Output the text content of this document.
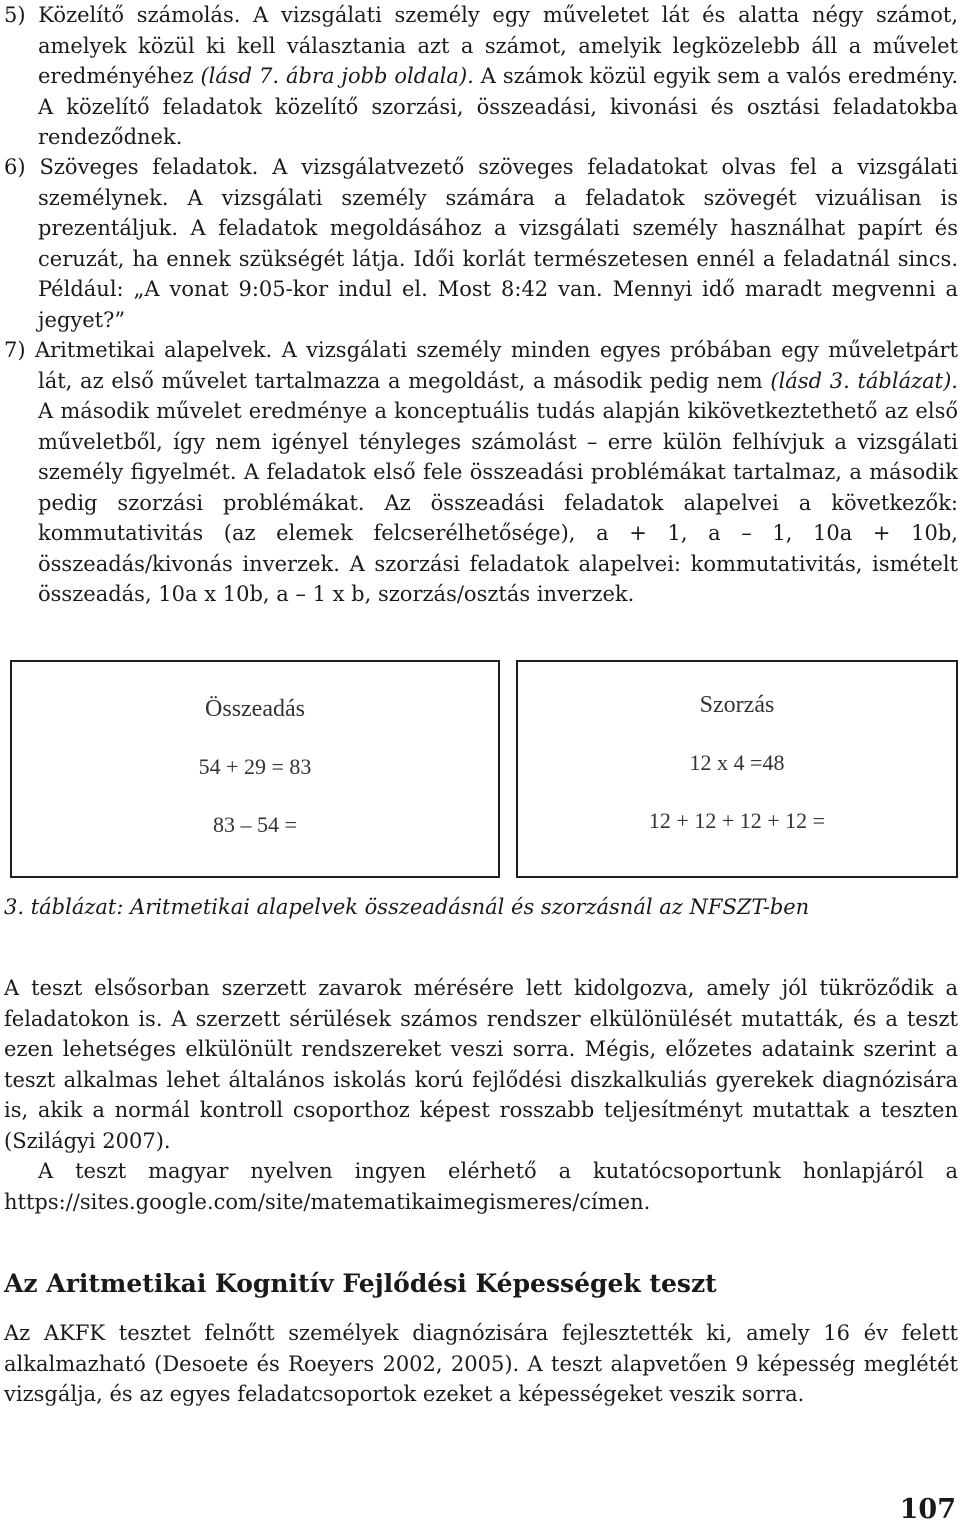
5) Közelítő számolás. A vizsgálati személy egy műveletet lát és alatta négy számot, amelyek közül ki kell választania azt a számot, amelyik legközelebb áll a művelet eredményéhez (lásd 7. ábra jobb oldala). A számok közül egyik sem a valós eredmény. A közelítő feladatok közelítő szorzási, összeadási, kivonási és osztási feladatokba rendeződnek.

6) Szöveges feladatok. A vizsgálatvezető szöveges feladatokat olvas fel a vizsgálati személynek. A vizsgálati személy számára a feladatok szövegét vizuálisan is prezentáljuk. A feladatok megoldásához a vizsgálati személy használhat papírt és ceruzát, ha ennek szükségét látja. Idői korlát természetesen ennél a feladatnál sincs. Például: „A vonat 9:05-kor indul el. Most 8:42 van. Mennyi idő maradt megvenni a jegyet?”

7) Aritmetikai alapelvek. A vizsgálati személy minden egyes próbában egy műveletpárt lát, az első művelet tartalmazza a megoldást, a második pedig nem (lásd 3. táblázat). A második művelet eredménye a konceptuális tudás alapján kikövetkeztethető az első műveletből, így nem igényel tényleges számolást – erre külön felhívjuk a vizsgálati személy figyelmét. A feladatok első fele összeadási problémákat tartalmaz, a második pedig szorzási problémákat. Az összeadási feladatok alapelvei a következők: kommutativitás (az elemek felcserélhetősége), a + 1, a – 1, 10a + 10b, összeadás/kivonás inverzek. A szorzási feladatok alapelvei: kommutativitás, ismételt összeadás, 10a x 10b, a – 1 x b, szorzás/osztás inverzek.

Összeadás
54 + 29 = 83
83 – 54 =
Szorzás
12 x 4 =48
12 + 12 + 12 + 12 =

3. táblázat: Aritmetikai alapelvek összeadásnál és szorzásnál az NFSZT-ben

A teszt elsősorban szerzett zavarok mérésére lett kidolgozva, amely jól tükröződik a feladatokon is. A szerzett sérülések számos rendszer elkülönülését mutatták, és a teszt ezen lehetséges elkülönült rendszereket veszi sorra. Mégis, előzetes adataink szerint a teszt alkalmas lehet általános iskolás korú fejlődési diszkalkuliás gyerekek diagnózisára is, akik a normál kontroll csoporthoz képest rosszabb teljesítményt mutattak a teszten (Szilágyi 2007).

A teszt magyar nyelven ingyen elérhető a kutatócsoportunk honlapjáról a https://sites.google.com/site/matematikaimegismeres/címen.

Az Aritmetikai Kognitív Fejlődési Képességek teszt

Az AKFK tesztet felnőtt személyek diagnózisára fejlesztették ki, amely 16 év felett alkalmazható (Desoete és Roeyers 2002, 2005). A teszt alapvetően 9 képesség meglétét vizsgálja, és az egyes feladatcsoportok ezeket a képességeket veszik sorra.

107
